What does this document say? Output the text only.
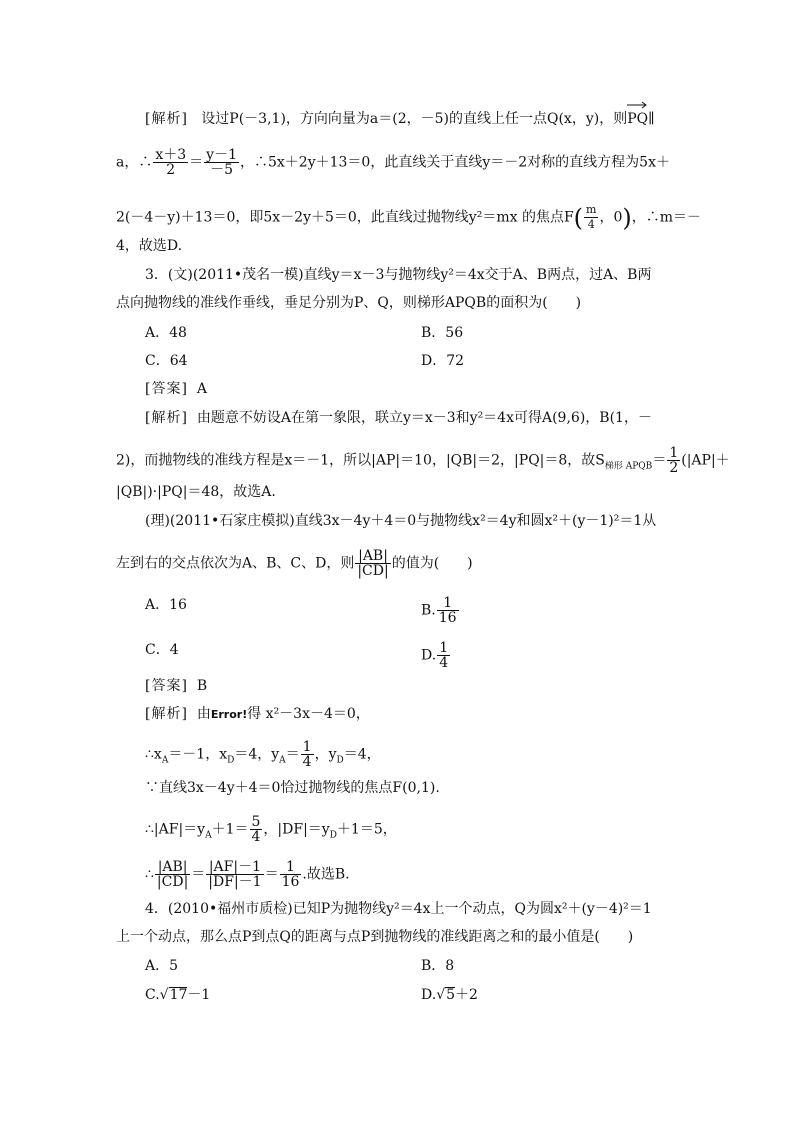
[解析] 设过P(－3,1)，方向向量为a＝(2，－5)的直线上任一点Q(x，y)，则
PQ∥
a，∴ $\frac{x+3}{2} = \frac{y-1}{-5}$ ，∴5x＋2y＋13＝0，此直线关于直线y＝－2对称的直线方程为5x＋
2(－4－y)＋13＝0，即5x－2y＋5＝0，此直线过抛物线y²＝mx 的焦点$F( \frac{m}{4}$ ，0)，∴m＝－
4，故选D.
3．(文)(2011•茂名一模)直线y＝x－3与抛物线y²＝4x交于A、B两点，过A、B两
点向抛物线的准线作垂线，垂足分别为P、Q，则梯形APQB的面积为(　　)
A．48	B．56
C．64	D．72
[答案] A
[解析] 由题意不妨设A在第一象限，联立y＝x－3和y²＝4x可得A(9,6)，B(1，－
2)，而抛物线的准线方程是x＝－1，所以|AP|＝10，|QB|＝2，|PQ|＝8，故$S_{梯形 APQB}= \frac{1}{2} (|AP|+$
|QB|)·|PQ|＝48，故选A.
(理)(2011•石家庄模拟)直线3x－4y＋4＝0与抛物线x²＝4y和圆x²＋(y－1)²＝1从
左到右的交点依次为A、B、C、D，则 $\frac{|AB|}{|CD|}$ 的值为(　　)
A．16	B. $\frac{1}{16}$
C．4	D. $\frac{1}{4}$
[答案] B
[解析] 由Error!得 x²－3x－4＝0，
$\therefore x_A=-1$，$x_D=4$，$y_A= \frac{1}{4}$ ，$y_D=4$，
∵直线3x－4y＋4＝0恰过抛物线的焦点F(0,1).
$\therefore|AF|=y_A+1= \frac{5}{4}$ ，$|DF|=y_D+1=5$，
∴ $\frac{|AB|}{|CD|} = \frac{|AF|-1}{|DF|-1} = \frac{1}{16}$ .故选B.
4．(2010•福州市质检)已知P为抛物线y²＝4x上一个动点，Q为圆x²＋(y－4)²＝1
上一个动点，那么点P到点Q的距离与点P到抛物线的准线距离之和的最小值是(　　)
A．5	B．8
C.√17－1	D.√5＋2
